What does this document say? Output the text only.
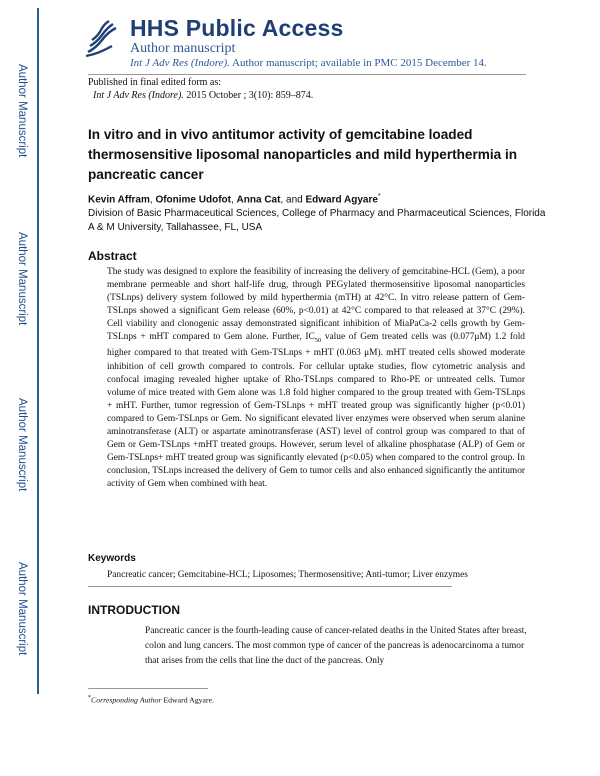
Author Manuscript
Author Manuscript
Author Manuscript
Author Manuscript
HHS Public Access
Author manuscript
Int J Adv Res (Indore). Author manuscript; available in PMC 2015 December 14.
Published in final edited form as:
Int J Adv Res (Indore). 2015 October ; 3(10): 859–874.
In vitro and in vivo antitumor activity of gemcitabine loaded thermosensitive liposomal nanoparticles and mild hyperthermia in pancreatic cancer
Kevin Affram, Ofonime Udofot, Anna Cat, and Edward Agyare*
Division of Basic Pharmaceutical Sciences, College of Pharmacy and Pharmaceutical Sciences, Florida A & M University, Tallahassee, FL, USA
Abstract
The study was designed to explore the feasibility of increasing the delivery of gemcitabine-HCL (Gem), a poor membrane permeable and short half-life drug, through PEGylated thermosensitive liposomal nanoparticles (TSLnps) delivery system followed by mild hyperthermia (mTH) at 42°C. In vitro release pattern of Gem-TSLnps showed a significant Gem release (60%, p<0.01) at 42°C compared to that released at 37°C (29%). Cell viability and clonogenic assay demonstrated significant inhibition of MiaPaCa-2 cells growth by Gem-TSLnps + mHT compared to Gem alone. Further, $IC_{50}$ value of Gem treated cells was (0.077μM) 1.2 fold higher compared to that treated with Gem-TSLnps + mHT (0.063 μM). mHT treated cells showed moderate inhibition of cell growth compared to controls. For cellular uptake studies, flow cytometric analysis and confocal imaging revealed higher uptake of Rho-TSLnps compared to Rho-PE or untreated cells. Tumor volume of mice treated with Gem alone was 1.8 fold higher compared to the group treated with Gem-TSLnps + mHT. Further, tumor regression of Gem-TSLnps + mHT treated group was significantly higher (p<0.01) compared to Gem-TSLnps or Gem. No significant elevated liver enzymes were observed when serum alanine aminotransferase (ALT) or aspartate aminotransferase (AST) level of control group was compared to that of Gem or Gem-TSLnps +mHT treated groups. However, serum level of alkaline phosphatase (ALP) of Gem or Gem-TSLnps+ mHT treated group was significantly elevated (p<0.05) when compared to the control group. In conclusion, TSLnps increased the delivery of Gem to tumor cells and also enhanced significantly the antitumor activity of Gem when combined with heat.
Keywords
Pancreatic cancer; Gemcitabine-HCL; Liposomes; Thermosensitive; Anti-tumor; Liver enzymes
INTRODUCTION
Pancreatic cancer is the fourth-leading cause of cancer-related deaths in the United States after breast, colon and lung cancers. The most common type of cancer of the pancreas is adenocarcinoma a tumor that arises from the cells that line the duct of the pancreas. Only
*Corresponding Author Edward Agyare.
